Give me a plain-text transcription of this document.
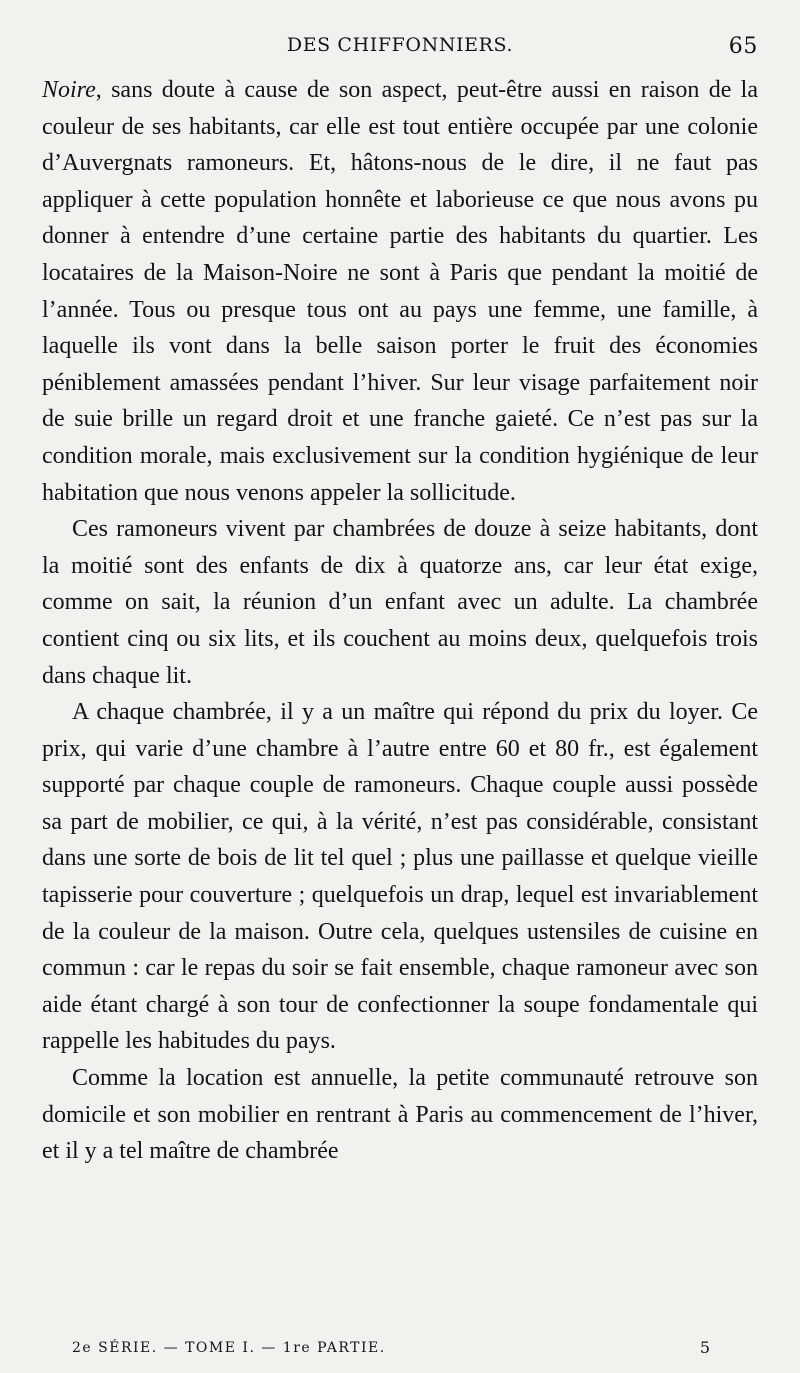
DES CHIFFONNIERS.	65

Noire, sans doute à cause de son aspect, peut-être aussi en raison de la couleur de ses habitants, car elle est tout entière occupée par une colonie d’Auvergnats ramoneurs. Et, hâtons-nous de le dire, il ne faut pas appliquer à cette population honnête et laborieuse ce que nous avons pu donner à entendre d’une certaine partie des habitants du quartier. Les locataires de la Maison-Noire ne sont à Paris que pendant la moitié de l’année. Tous ou presque tous ont au pays une femme, une famille, à laquelle ils vont dans la belle saison porter le fruit des économies péniblement amassées pendant l’hiver. Sur leur visage parfaitement noir de suie brille un regard droit et une franche gaieté. Ce n’est pas sur la condition morale, mais exclusivement sur la condition hygiénique de leur habitation que nous venons appeler la sollicitude.

Ces ramoneurs vivent par chambrées de douze à seize habitants, dont la moitié sont des enfants de dix à quatorze ans, car leur état exige, comme on sait, la réunion d’un enfant avec un adulte. La chambrée contient cinq ou six lits, et ils couchent au moins deux, quelquefois trois dans chaque lit.

A chaque chambrée, il y a un maître qui répond du prix du loyer. Ce prix, qui varie d’une chambre à l’autre entre 60 et 80 fr., est également supporté par chaque couple de ramoneurs. Chaque couple aussi possède sa part de mobilier, ce qui, à la vérité, n’est pas considérable, consistant dans une sorte de bois de lit tel quel ; plus une paillasse et quelque vieille tapisserie pour couverture ; quelquefois un drap, lequel est invariablement de la couleur de la maison. Outre cela, quelques ustensiles de cuisine en commun : car le repas du soir se fait ensemble, chaque ramoneur avec son aide étant chargé à son tour de confectionner la soupe fondamentale qui rappelle les habitudes du pays.

Comme la location est annuelle, la petite communauté retrouve son domicile et son mobilier en rentrant à Paris au commencement de l’hiver, et il y a tel maître de chambrée

2e SÉRIE. — TOME I. — 1re PARTIE.	5
